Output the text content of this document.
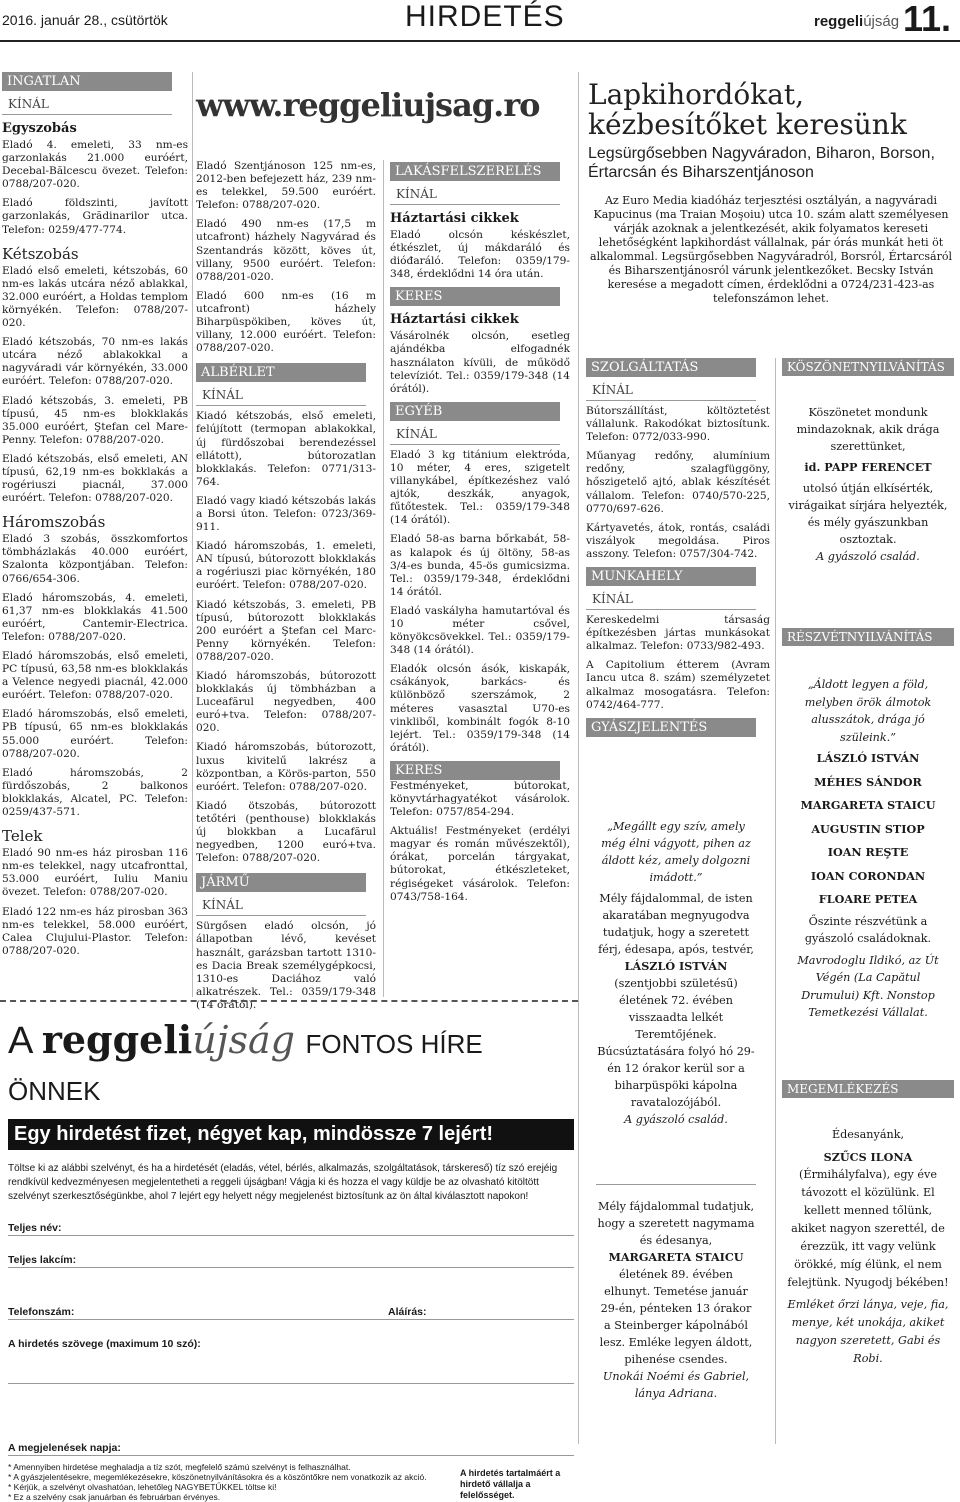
2016. január 28., csütörtök	HIRDETÉS	reggeliújság 11.
INGATLAN
KÍNÁL
Egyszobás

Eladó 4. emeleti, 33 nm-es garzonlakás 21.000 euróért, Decebal-Bălcescu övezet. Telefon: 0788/207-020.

Eladó földszinti, javított garzonlakás, Grădinarilor utca. Telefon: 0259/477-774.

Kétszobás

Eladó első emeleti, kétszobás, 60 nm-es lakás utcára néző ablakkal, 32.000 euróért, a Holdas templom környékén. Telefon: 0788/207-020.

Eladó kétszobás, 70 nm-es lakás utcára néző ablakokkal a nagyváradi vár környékén, 33.000 euróért. Telefon: 0788/207-020.

Eladó kétszobás, 3. emeleti, PB típusú, 45 nm-es blokklakás 35.000 euróért, Ştefan cel Mare-Penny. Telefon: 0788/207-020.

Eladó kétszobás, első emeleti, AN típusú, 62,19 nm-es bokklakás a rogériuszi piacnál, 37.000 euróért. Telefon: 0788/207-020.

Háromszobás

Eladó 3 szobás, összkomfortos tömbházlakás 40.000 euróért, Szalonta központjában. Telefon: 0766/654-306.

Eladó háromszobás, 4. emeleti, 61,37 nm-es blokklakás 41.500 euróért, Cantemir-Electrica. Telefon: 0788/207-020.

Eladó háromszobás, első emeleti, PC típusú, 63,58 nm-es blokklakás a Velence negyedi piacnál, 42.000 euróért. Telefon: 0788/207-020.

Eladó háromszobás, első emeleti, PB típusú, 65 nm-es blokklakás 55.000 euróért. Telefon: 0788/207-020.

Eladó háromszobás, 2 fürdőszobás, 2 balkonos blokklakás, Alcatel, PC. Telefon: 0259/437-571.

Telek

Eladó 90 nm-es ház pirosban 116 nm-es telekkel, nagy utcafronttal, 53.000 euróért, Iuliu Maniu övezet. Telefon: 0788/207-020.

Eladó 122 nm-es ház pirosban 363 nm-es telekkel, 58.000 euróért, Calea Clujului-Plastor. Telefon: 0788/207-020.

www.reggeliujsag.ro

Eladó Szentjánoson 125 nm-es, 2012-ben befejezett ház, 239 nm-es telekkel, 59.500 euróért. Telefon: 0788/207-020.

Eladó 490 nm-es (17,5 m utcafront) házhely Nagyvárad és Szentandrás között, köves út, villany, 9500 euróért. Telefon: 0788/201-020.

Eladó 600 nm-es (16 m utcafront) házhely Biharpüspökiben, köves út, villany, 12.000 euróért. Telefon: 0788/207-020.

ALBÉRLET
KÍNÁL

Kiadó kétszobás, első emeleti, felújított (termopan ablakokkal, új fürdőszobai berendezéssel ellátott), bútorozatlan blokklakás. Telefon: 0771/313-764.

Eladó vagy kiadó kétszobás lakás a Borsi úton. Telefon: 0723/369-911.

Kiadó háromszobás, 1. emeleti, AN típusú, bútorozott blokklakás a rogériuszi piac környékén, 180 euróért. Telefon: 0788/207-020.

Kiadó kétszobás, 3. emeleti, PB típusú, bútorozott blokklakás 200 euróért a Ştefan cel Marc-Penny környékén. Telefon: 0788/207-020.

Kiadó háromszobás, bútorozott blokklakás új tömbházban a Luceafărul negyedben, 400 euró+tva. Telefon: 0788/207-020.

Kiadó háromszobás, bútorozott, luxus kivitelű lakrész a központban, a Körös-parton, 550 euróért. Telefon: 0788/207-020.

Kiadó ötszobás, bútorozott tetőtéri (penthouse) blokklakás új blokkban a Lucafărul negyedben, 1200 euró+tva. Telefon: 0788/207-020.

JÁRMŰ
KÍNÁL

Sürgősen eladó olcsón, jó állapotban lévő, kevéset használt, garázsban tartott 1310-es Dacia Break személygépkocsi, 1310-es Daciához való alkatrészek. Tel.: 0359/179-348 (14 órától).

LAKÁSFELSZERELÉS
KÍNÁL
Háztartási cikkek

Eladó olcsón késkészlet, étkészlet, új mákdaráló és dióđaráló. Telefon: 0359/179-348, érdeklődni 14 óra után.

KERES
Háztartási cikkek

Vásárolnék olcsón, esetleg ajándékba elfogadnék használaton kívüli, de működő televíziót. Tel.: 0359/179-348 (14 órától).

EGYÉB
KÍNÁL

Eladó 3 kg titánium elektróda, 10 méter, 4 eres, szigetelt villanykábel, építkezéshez való ajtók, deszkák, anyagok, fűtőtestek. Tel.: 0359/179-348 (14 órától).

Eladó 58-as barna bőrkabát, 58-as kalapok és új öltöny, 58-as 3/4-es bunda, 45-ös gumicsizma. Tel.: 0359/179-348, érdeklődni 14 órától.

Eladó vaskályha hamutartóval és 10 méter csővel, könyökcsövekkel. Tel.: 0359/179-348 (14 órától).

Eladók olcsón ásók, kiskapák, csákányok, barkács- és különböző szerszámok, 2 méteres vasasztal U70-es vinkliből, kombinált fogók 8-10 lejért. Tel.: 0359/179-348 (14 órától).

KERES

Festményeket, bútorokat, könyvtárhagyatékot vásárolok. Telefon: 0757/854-294.

Aktuális! Festményeket (erdélyi magyar és román művészektől), órákat, porcelán tárgyakat, bútorokat, étkészleteket, régiségeket vásárolok. Telefon: 0743/758-164.

Lapkihordókat, kézbesítőket keresünk
Legsürgősebben Nagyváradon, Biharon, Borson, Értarcsán és Biharszentjánoson
Az Euro Media kiadóház terjesztési osztályán, a nagyváradi Kapucinus (ma Traian Moşoiu) utca 10. szám alatt személyesen várják azoknak a jelentkezését, akik folyamatos kereseti lehetőségként lapkihordást vállalnak, pár órás munkát heti öt alkalommal. Legsürgősebben Nagyváradról, Borsról, Értarcsáról és Biharszentjánosról várunk jelentkezőket. Becsky István keresése a megadott címen, érdeklődni a 0724/231-423-as telefonszámon lehet.
SZOLGÁLTATÁS
KÍNÁL

Bútorszállítást, költöztetést vállalunk. Rakodókat biztosítunk. Telefon: 0772/033-990.

Műanyag redőny, alumínium redőny, szalagfüggöny, hőszigetelő ajtó, ablak készítését vállalom. Telefon: 0740/570-225, 0770/697-626.

Kártyavetés, átok, rontás, családi viszályok megoldása. Piros asszony. Telefon: 0757/304-742.

MUNKAHELY
KÍNÁL

Kereskedelmi társaság építkezésben jártas munkásokat alkalmaz. Telefon: 0733/982-493.

A Capitolium étterem (Avram Iancu utca 8. szám) személyzetet alkalmaz mosogatásra. Telefon: 0742/464-777.

GYÁSZJELENTÉS
„Megállt egy szív, amely még élni vágyott, pihen az áldott kéz, amely dolgozni imádott.”
Mély fájdalommal, de isten akaratában megnyugodva tudatjuk, hogy a szeretett férj, édesapa, após, testvér,
LÁSZLÓ ISTVÁN
(szentjobbi születésű) életének 72. évében visszaadta lelkét Teremtőjének. Búcsúztatására folyó hó 29-én 12 órakor kerül sor a biharpüspöki kápolna ravatalozójából.
A gyászoló család.
Mély fájdalommal tudatjuk, hogy a szeretett nagymama és édesanya,
MARGARETA STAICU
életének 89. évében elhunyt. Temetése január 29-én, pénteken 13 órakor a Steinberger kápolnából lesz. Emléke legyen áldott, pihenése csendes.
Unokái Noémi és Gabriel, lánya Adriana.
KÖSZÖNETNYILVÁNÍTÁS
Köszönetet mondunk mindazoknak, akik drága szerettünket,
id. PAPP FERENCET
utolsó útján elkísérték, virágaikat sírjára helyezték, és mély gyászunkban osztoztak.
A gyászoló család.
RÉSZVÉTNYILVÁNÍTÁS
„Áldott legyen a föld, melyben örök álmotok alusszátok, drága jó szüleink.”
LÁSZLÓ ISTVÁN
MÉHES SÁNDOR
MARGARETA STAICU
AUGUSTIN STIOP
IOAN REŞTE
IOAN CORONDAN
FLOARE PETEA
Őszinte részvétünk a gyászoló családoknak.
Mavrodoglu Ildikó, az Út Végén (La Capătul Drumului) Kft. Nonstop Temetkezési Vállalat.
MEGEMLÉKEZÉS
Édesanyánk,
SZŰCS ILONA
(Érmihályfalva), egy éve távozott el közülünk. El kellett menned tőlünk, akiket nagyon szerettél, de érezzük, itt vagy velünk örökké, míg élünk, el nem felejtünk. Nyugodj békében!
Emléket őrzi lánya, veje, fia, menye, két unokája, akiket nagyon szeretett, Gabi és Robi.
A reggeliújság FONTOS HÍRE ÖNNEK
Egy hirdetést fizet, négyet kap, mindössze 7 lejért!
Töltse ki az alábbi szelvényt, és ha a hirdetését (eladás, vétel, bérlés, alkalmazás, szolgáltatások, társkereső) tíz szó erejéig rendkívül kedvezményesen megjelentetheti a reggeli újságban! Vágja ki és hozza el vagy küldje be az olvasható kitöltött szelvényt szerkesztőségünkbe, ahol 7 lejért egy helyett négy megjelenést biztosítunk az ön által kiválasztott napokon!
Teljes név:
Teljes lakcím:
Telefonszám:	Aláírás:
A hirdetés szövege (maximum 10 szó):
A megjelenések napja:
* Amennyiben hirdetése meghaladja a tíz szót, megfelelő számú szelvényt is felhasználhat.
* A gyászjelentésekre, megemlékezésekre, köszönetnyilvánításokra és a köszöntőkre nem vonatkozik az akció.
* Kérjük, a szelvényt olvashatóan, lehetőleg NAGYBETŰKKEL töltse ki!
* Ez a szelvény csak januárban és februárban érvényes.
A hirdetés tartalmáért a hirdető vállalja a felelősséget.
